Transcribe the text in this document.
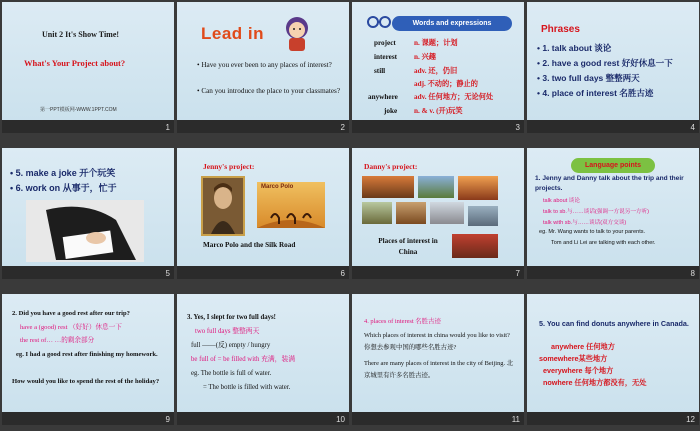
Unit 2 It's Show Time!
What's Your Project about?
第一PPT模板网-WWW.1PPT.COM
1
Lead in
• Have you ever been to any places of interest?
• Can you introduce the place to your classmates?
2
Words and expressions
project	n. 课题；计划
interest n. 兴趣
still	adv. 还，仍旧
adj. 不动的；静止的
anywhere adv. 任何地方；无论何处
joke n. & v. (开)玩笑
3
Phrases
• 1. talk about 谈论
• 2. have a good rest 好好休息一下
• 3. two full days 整整两天
• 4. place of interest 名胜古迹
4
• 5. make a joke 开个玩笑
• 6. work on 从事于，忙于
5
Jenny's project:
Marco Polo
Marco Polo and the Silk Road
6
Danny's project:
Places of interest in China
7
Language points
1. Jenny and Danny talk about the trip and their projects.
talk about 谈论
talk to sb.与……谈话(强调一方说另一方听)
talk with sb.与……谈话(双方交谈)
eg. Mr. Wang wants to talk to your parents.
Tom and Li Lei are talking with each other.
8
2. Did you have a good rest after our trip?
have a (good) rest （好好）休息一下
the rest of… …的剩余部分
eg. I had a good rest after finishing my homework.
How would you like to spend the rest of the holiday?
9
3. Yes, I slept for two full days!
two full days 整整两天
full ——(反) empty / hungry
be full of = be filled with 充满，装满
eg. The bottle is full of water.
= The bottle is filled with water.
10
4. places of interest 名胜古迹
Which places of interest in china would you like to visit?你想去参观中国的哪些名胜古迹?
There are many places of interest in the city of Beijing. 北京城里有许多名胜古迹。
11
5. You can find donuts anywhere in Canada.
anywhere 任何地方
somewhere某些地方
everywhere 每个地方
nowhere 任何地方都没有，无处
12
